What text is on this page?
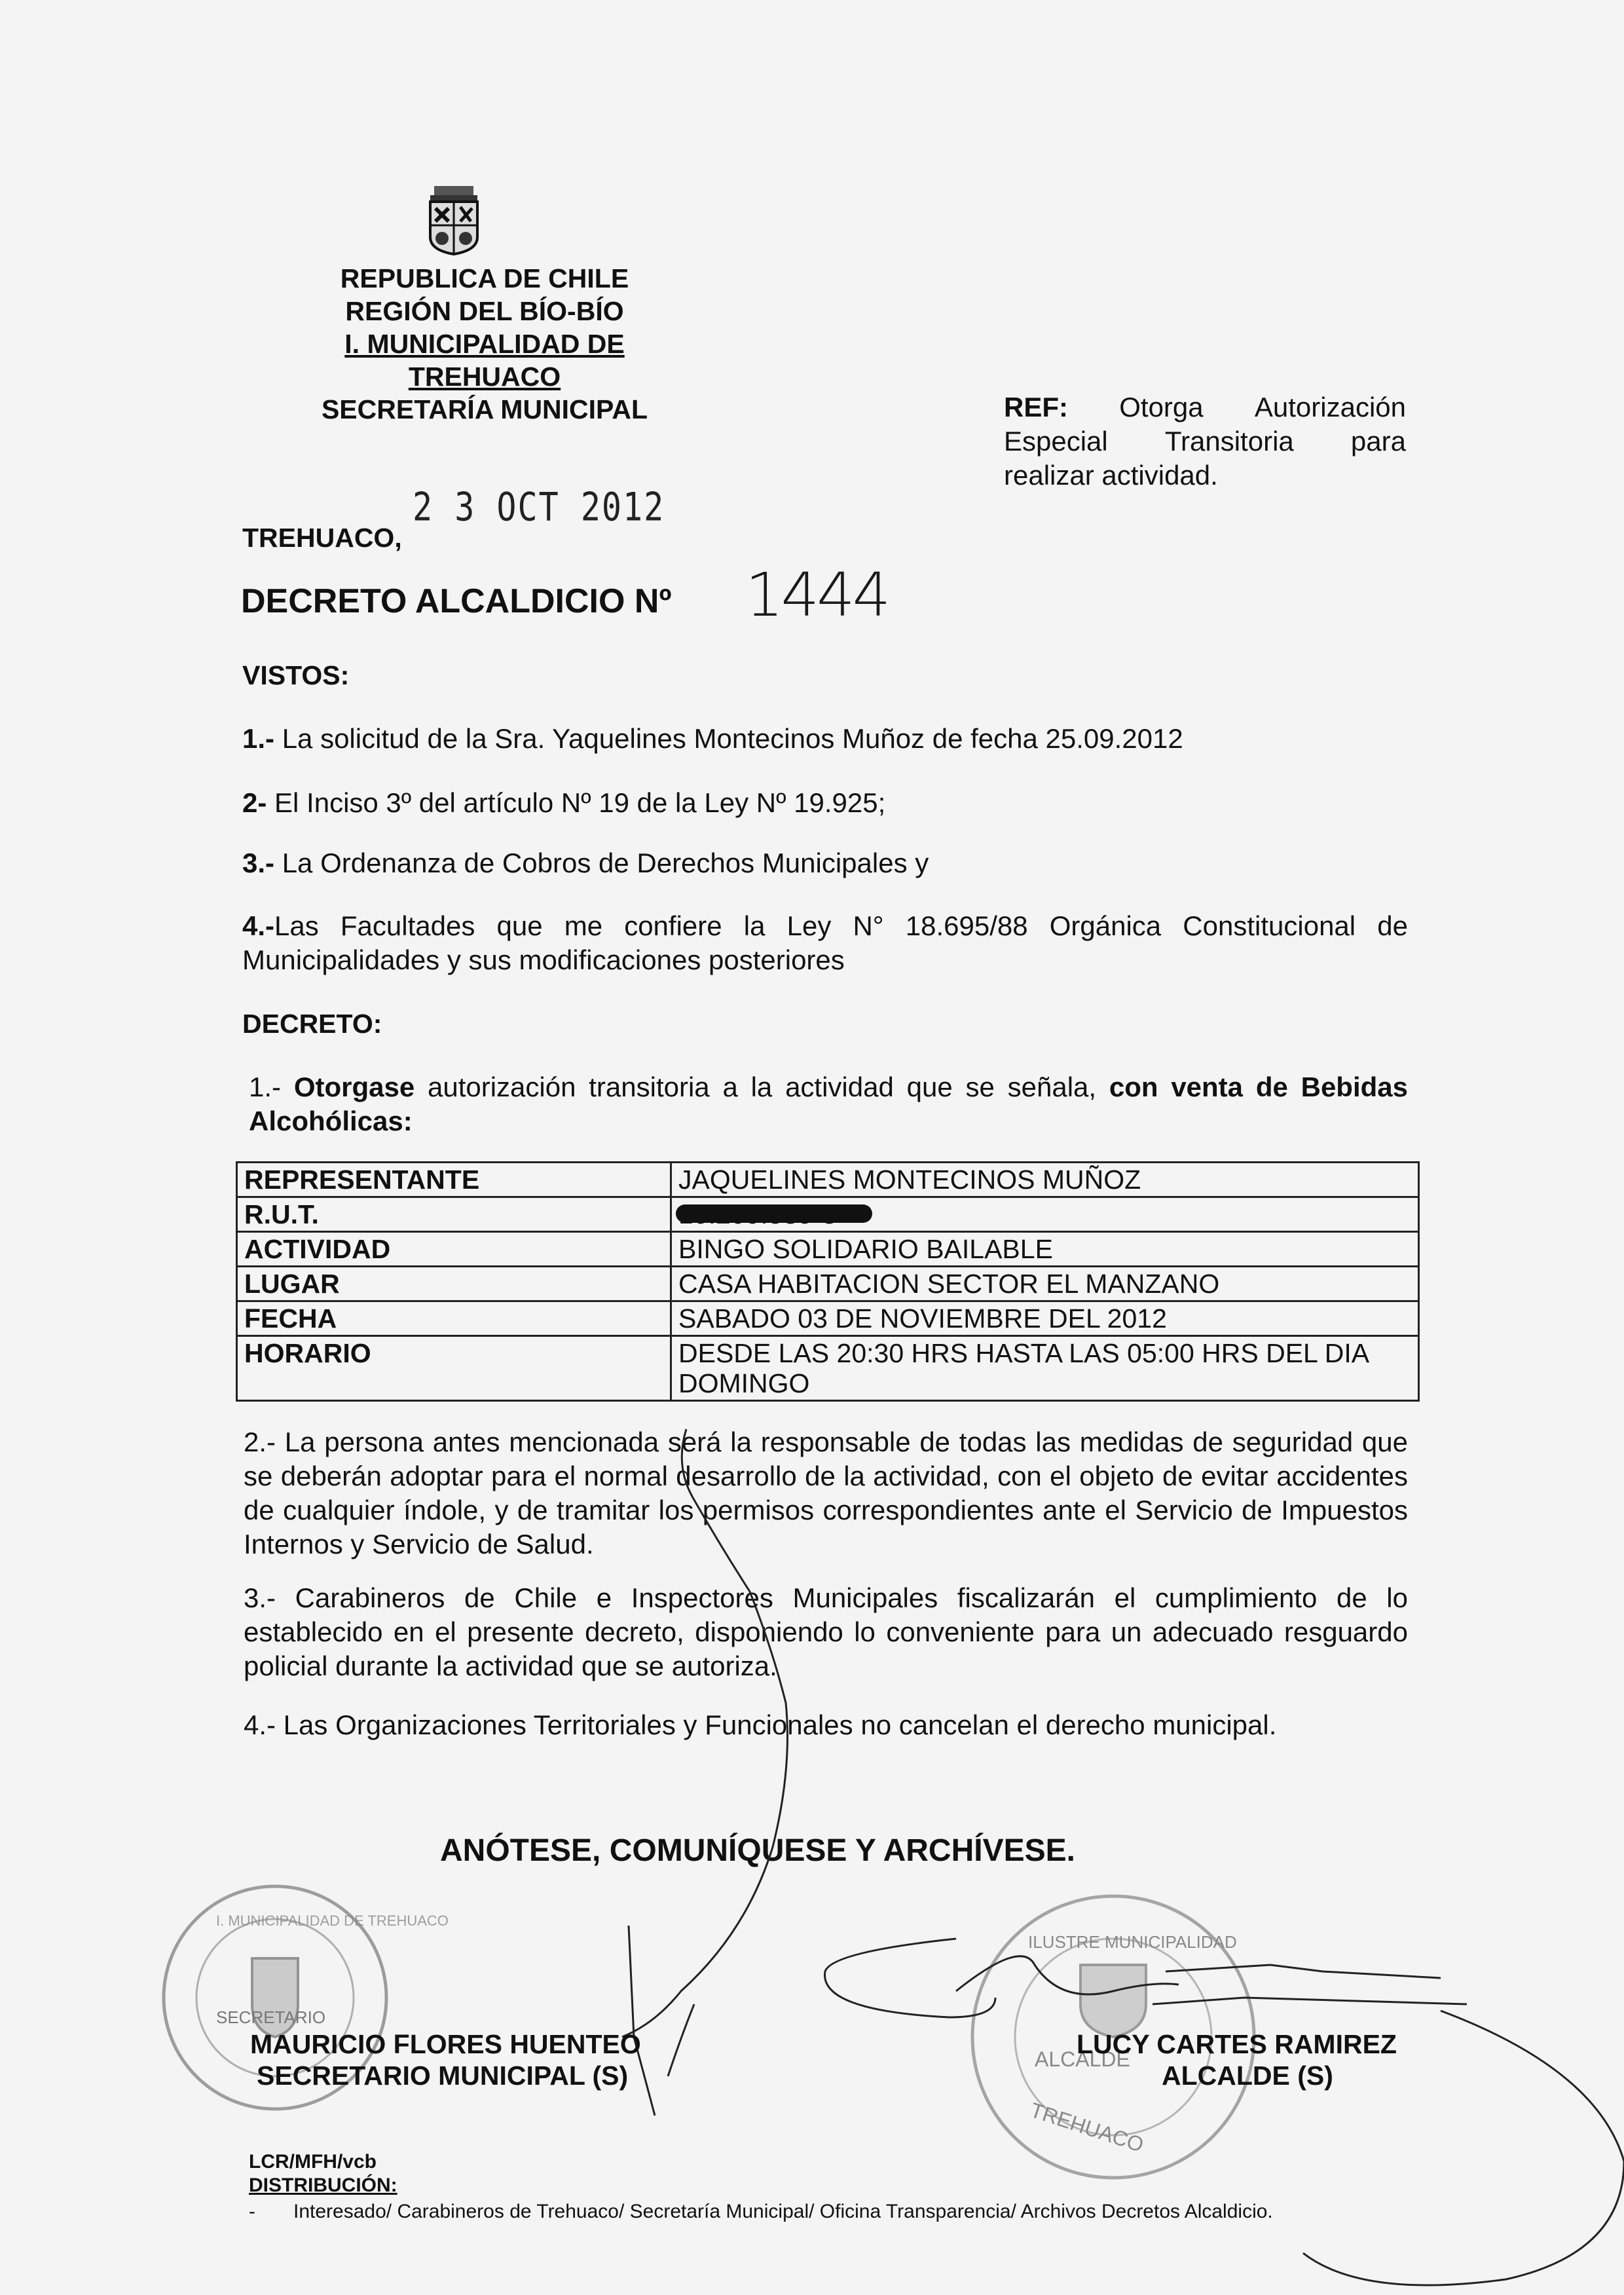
REPUBLICA DE CHILE
REGIÓN DEL BÍO-BÍO
I. MUNICIPALIDAD DE TREHUACO
SECRETARÍA MUNICIPAL	REF: Otorga Autorización
Especial Transitoria para
realizar actividad.
TREHUACO,
2 3 OCT 2012
DECRETO ALCALDICIO Nº 1444
VISTOS:
1.- La solicitud de la Sra. Yaquelines Montecinos Muñoz de fecha 25.09.2012
2- El Inciso 3º del artículo Nº 19 de la Ley Nº 19.925;
3.- La Ordenanza de Cobros de Derechos Municipales y
4.-Las Facultades que me confiere la Ley N° 18.695/88 Orgánica Constitucional de Municipalidades y sus modificaciones posteriores
DECRETO:
1.- Otorgase autorización transitoria a la actividad que se señala, con venta de Bebidas Alcohólicas:
REPRESENTANTE	JAQUELINES MONTECINOS MUÑOZ
R.U.T.	

ACTIVIDAD	BINGO SOLIDARIO BAILABLE
LUGAR	CASA HABITACION SECTOR EL MANZANO
FECHA	SABADO 03 DE NOVIEMBRE DEL 2012
HORARIO	DESDE LAS 20:30 HRS HASTA LAS 05:00 HRS DEL DIA DOMINGO
2.- La persona antes mencionada será la responsable de todas las medidas de seguridad que se deberán adoptar para el normal desarrollo de la actividad, con el objeto de evitar accidentes de cualquier índole, y de tramitar los permisos correspondientes ante el Servicio de Impuestos Internos y Servicio de Salud.
3.- Carabineros de Chile e Inspectores Municipales fiscalizarán el cumplimiento de lo establecido en el presente decreto, disponiendo lo conveniente para un adecuado resguardo policial durante la actividad que se autoriza.
4.- Las Organizaciones Territoriales y Funcionales no cancelan el derecho municipal.
ANÓTESE, COMUNÍQUESE Y ARCHÍVESE.
I. MUNICIPALIDAD DE TREHUACO
SECRETARIO
ILUSTRE MUNICIPALIDAD
ALCALDE
TREHUACO
MAURICIO FLORES HUENTEO
SECRETARIO MUNICIPAL (S)
LUCY CARTES RAMIREZ
ALCALDE (S)
LCR/MFH/vcb
DISTRIBUCIÓN:
- Interesado/ Carabineros de Trehuaco/ Secretaría Municipal/ Oficina Transparencia/ Archivos Decretos Alcaldicio.
